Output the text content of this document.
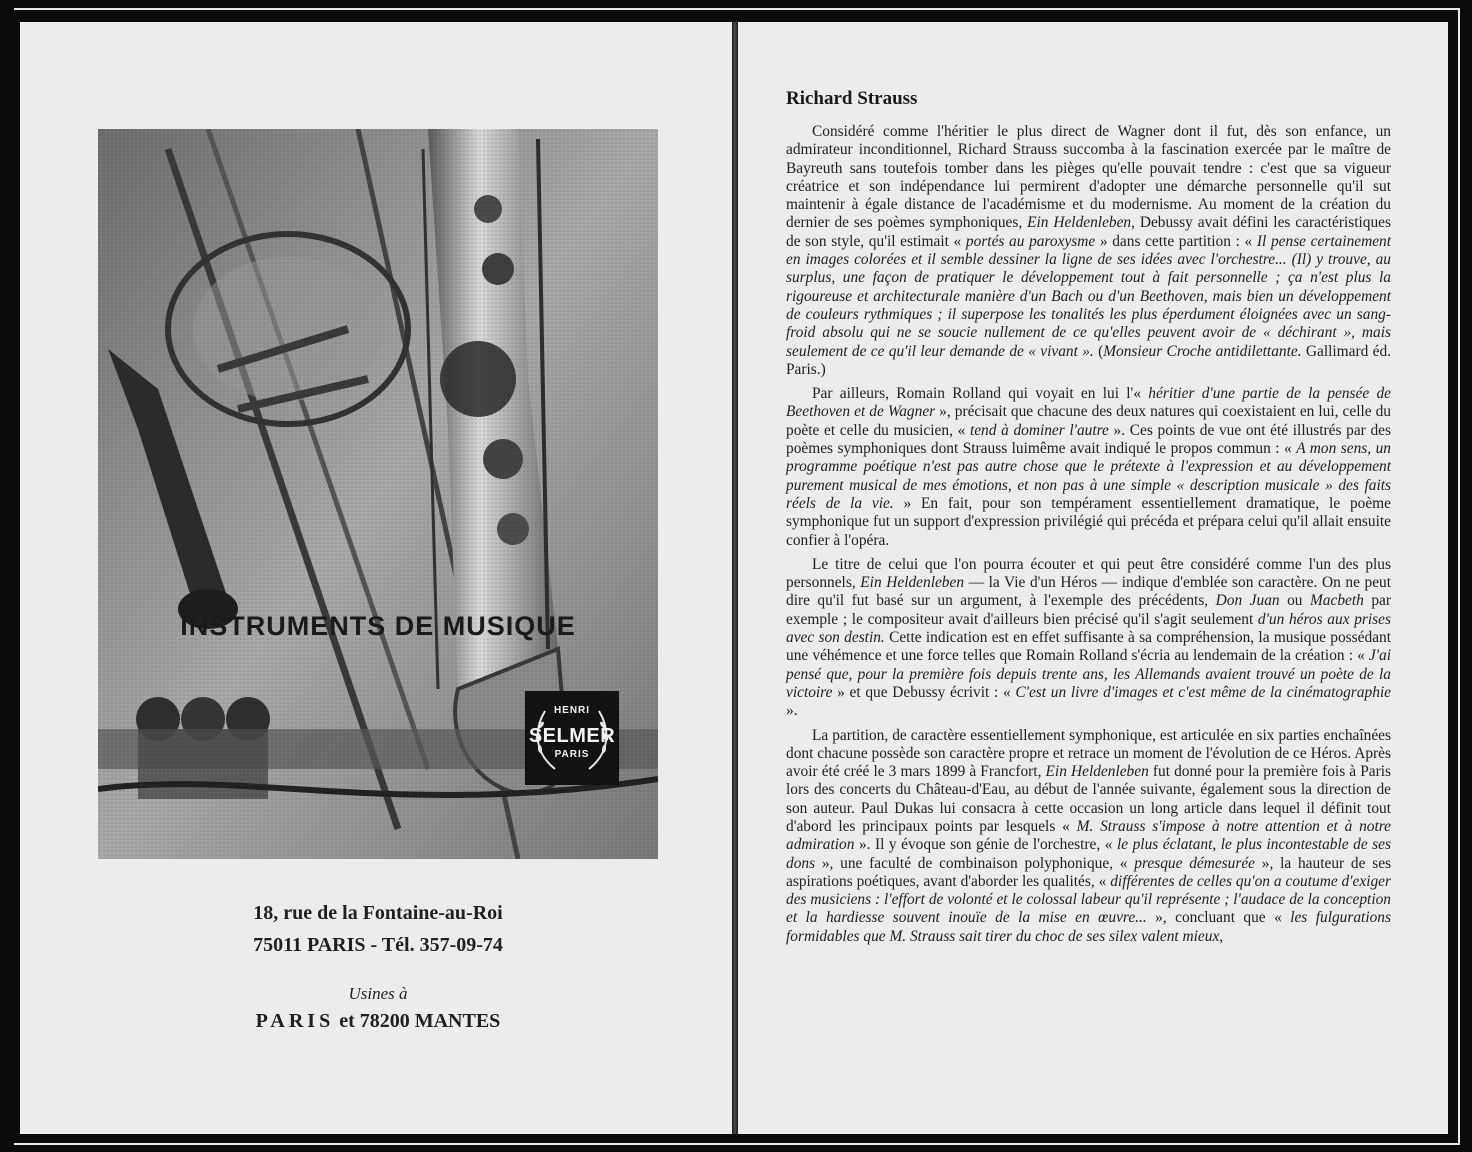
INSTRUMENTS DE MUSIQUE
HENRI
SELMER
PARIS
18, rue de la Fontaine-au-Roi
75011 PARIS - Tél. 357-09-74
Usines à
PARIS et 78200 MANTES
Richard Strauss

Considéré comme l'héritier le plus direct de Wagner dont il fut, dès son enfance, un admirateur inconditionnel, Richard Strauss succomba à la fascination exercée par le maître de Bayreuth sans toutefois tomber dans les pièges qu'elle pouvait tendre : c'est que sa vigueur créatrice et son indépendance lui permirent d'adopter une démarche personnelle qu'il sut maintenir à égale distance de l'académisme et du modernisme. Au moment de la création du dernier de ses poèmes symphoniques, Ein Heldenleben, Debussy avait défini les caractéristiques de son style, qu'il estimait « portés au paroxysme » dans cette partition : « Il pense certainement en images colorées et il semble dessiner la ligne de ses idées avec l'orchestre... (Il) y trouve, au surplus, une façon de pratiquer le développement tout à fait personnelle ; ça n'est plus la rigoureuse et architecturale manière d'un Bach ou d'un Beethoven, mais bien un développement de couleurs rythmiques ; il superpose les tonalités les plus éperdument éloignées avec un sang-froid absolu qui ne se soucie nullement de ce qu'elles peuvent avoir de « déchirant », mais seulement de ce qu'il leur demande de « vivant ». (Monsieur Croche antidilettante. Gallimard éd. Paris.)

Par ailleurs, Romain Rolland qui voyait en lui l'« héritier d'une partie de la pensée de Beethoven et de Wagner », précisait que chacune des deux natures qui coexistaient en lui, celle du poète et celle du musicien, « tend à dominer l'autre ». Ces points de vue ont été illustrés par des poèmes symphoniques dont Strauss luimême avait indiqué le propos commun : « A mon sens, un programme poétique n'est pas autre chose que le prétexte à l'expression et au développement purement musical de mes émotions, et non pas à une simple « description musicale » des faits réels de la vie. » En fait, pour son tempérament essentiellement dramatique, le poème symphonique fut un support d'expression privilégié qui précéda et prépara celui qu'il allait ensuite confier à l'opéra.

Le titre de celui que l'on pourra écouter et qui peut être considéré comme l'un des plus personnels, Ein Heldenleben — la Vie d'un Héros — indique d'emblée son caractère. On ne peut dire qu'il fut basé sur un argument, à l'exemple des précédents, Don Juan ou Macbeth par exemple ; le compositeur avait d'ailleurs bien précisé qu'il s'agit seulement d'un héros aux prises avec son destin. Cette indication est en effet suffisante à sa compréhension, la musique possédant une véhémence et une force telles que Romain Rolland s'écria au lendemain de la création : « J'ai pensé que, pour la première fois depuis trente ans, les Allemands avaient trouvé un poète de la victoire » et que Debussy écrivit : « C'est un livre d'images et c'est même de la cinématographie ».

La partition, de caractère essentiellement symphonique, est articulée en six parties enchaînées dont chacune possède son caractère propre et retrace un moment de l'évolution de ce Héros. Après avoir été créé le 3 mars 1899 à Francfort, Ein Heldenleben fut donné pour la première fois à Paris lors des concerts du Château-d'Eau, au début de l'année suivante, également sous la direction de son auteur. Paul Dukas lui consacra à cette occasion un long article dans lequel il définit tout d'abord les principaux points par lesquels « M. Strauss s'impose à notre attention et à notre admiration ». Il y évoque son génie de l'orchestre, « le plus éclatant, le plus incontestable de ses dons », une faculté de combinaison polyphonique, « presque démesurée », la hauteur de ses aspirations poétiques, avant d'aborder les qualités, « différentes de celles qu'on a coutume d'exiger des musiciens : l'effort de volonté et le colossal labeur qu'il représente ; l'audace de la conception et la hardiesse souvent inouïe de la mise en œuvre... », concluant que « les fulgurations formidables que M. Strauss sait tirer du choc de ses silex valent mieux,
